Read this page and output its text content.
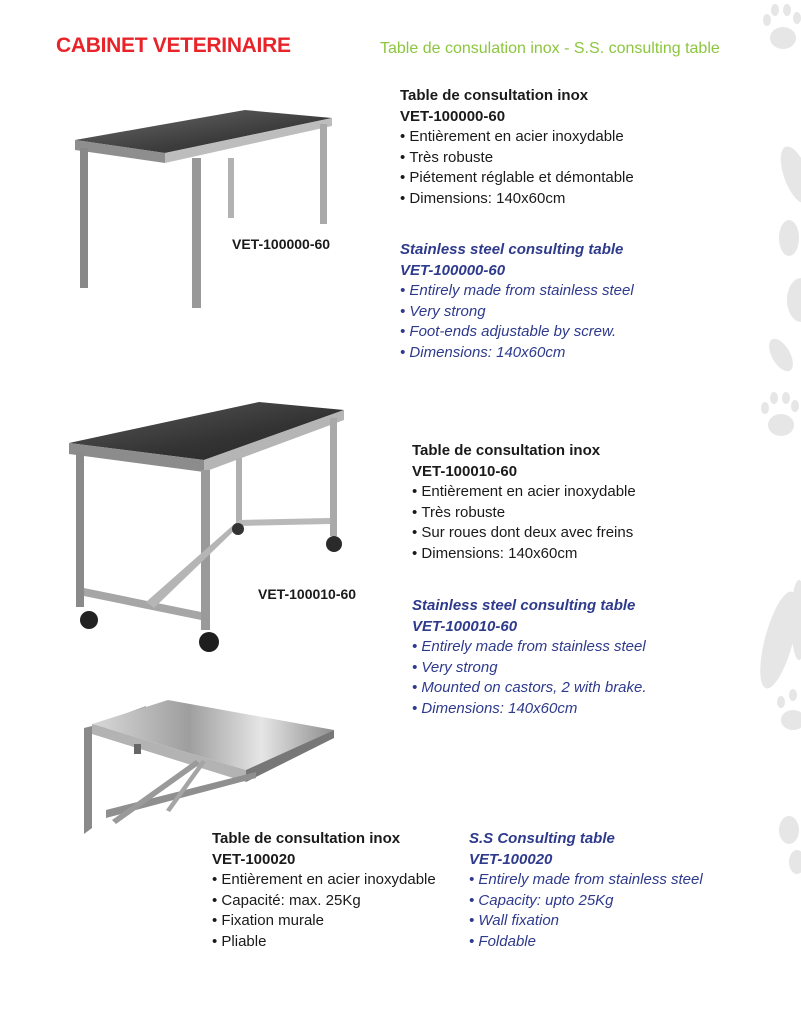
CABINET VETERINAIRE	Table de consulation inox - S.S. consulting table
VET-100000-60
Table de consultation inox
VET-100000-60
• Entièrement en acier inoxydable
• Très robuste
• Piétement réglable et démontable
• Dimensions: 140x60cm
Stainless steel consulting table
VET-100000-60
• Entirely made from stainless steel
• Very strong
• Foot-ends adjustable by screw.
• Dimensions: 140x60cm
VET-100010-60
Table de consultation inox
VET-100010-60
• Entièrement en acier inoxydable
• Très robuste
• Sur roues dont deux avec freins
• Dimensions: 140x60cm
Stainless steel consulting table
VET-100010-60
• Entirely made from stainless steel
• Very strong
• Mounted on castors, 2 with brake.
• Dimensions: 140x60cm
Table de consultation inox
VET-100020
• Entièrement en acier inoxydable
• Capacité: max. 25Kg
• Fixation murale
• Pliable
S.S Consulting table
VET-100020
• Entirely made from stainless steel
• Capacity: upto 25Kg
• Wall fixation
• Foldable
